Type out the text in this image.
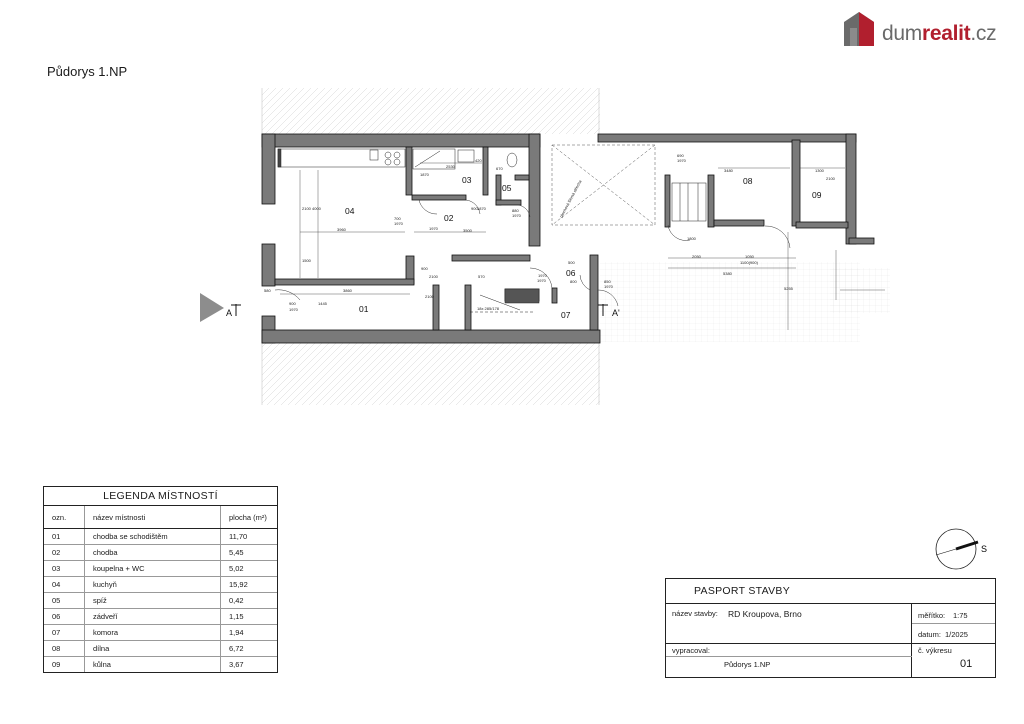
Půdorys 1.NP
dumrealit.cz
01
02
03
04
05
06
07
08
09
A	A'
580
900
1970
3860
1445
2100
3960
4000
2100
1500
700
1970
2530
420
670
1870
3500
900 1870
1970
900
2100	570	1970
850
1970
500
800
1970
5380
2050	1050
1100(900)
3480	1300
2100
1800
18x 285/178
5255
880
1970	plechová šikmá střecha
690
1970
LEGENDA MÍSTNOSTÍ
ozn.	název místnosti	plocha (m²)
01	chodba se schodištěm	11,70
02	chodba	5,45
03	koupelna + WC	5,02
04	kuchyň	15,92
05	spíž	0,42
06	zádveří	1,15
07	komora	1,94
08	dílna	6,72
09	kůlna	3,67
S
PASPORT STAVBY
název stavby: RD Kroupova, Brno	měřítko: 1:75
datum: 1/2025
vypracoval:
Půdorys 1.NP
č. výkresu
01
